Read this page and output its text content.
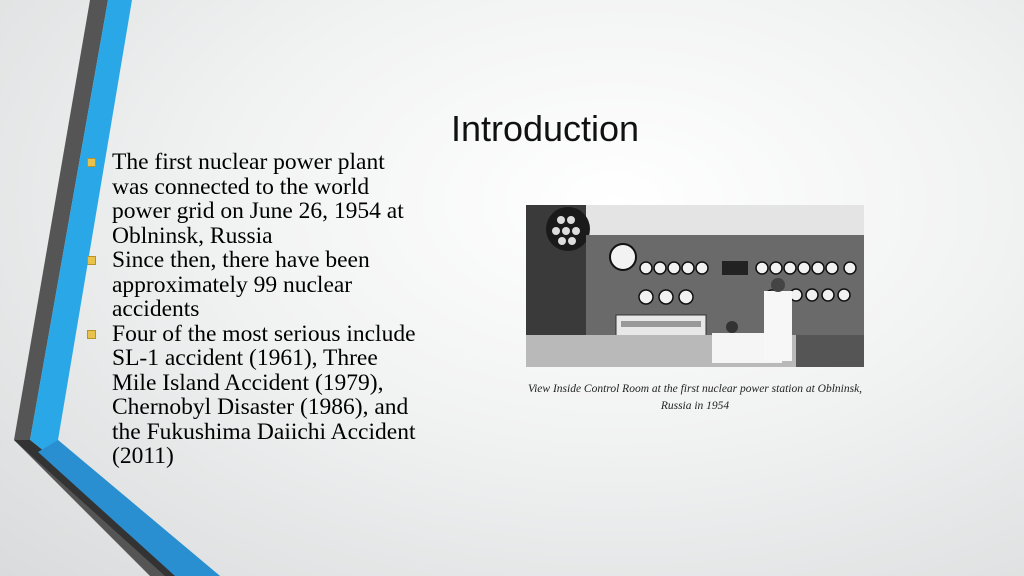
Introduction
The first nuclear power plant was connected to the world power grid on June 26, 1954 at Oblninsk, Russia
Since then, there have been approximately 99 nuclear accidents
Four of the most serious include SL-1 accident (1961), Three Mile Island Accident (1979), Chernobyl Disaster (1986), and the Fukushima Daiichi Accident (2011)
View Inside Control Room at the first nuclear power station at Oblninsk, Russia in 1954
